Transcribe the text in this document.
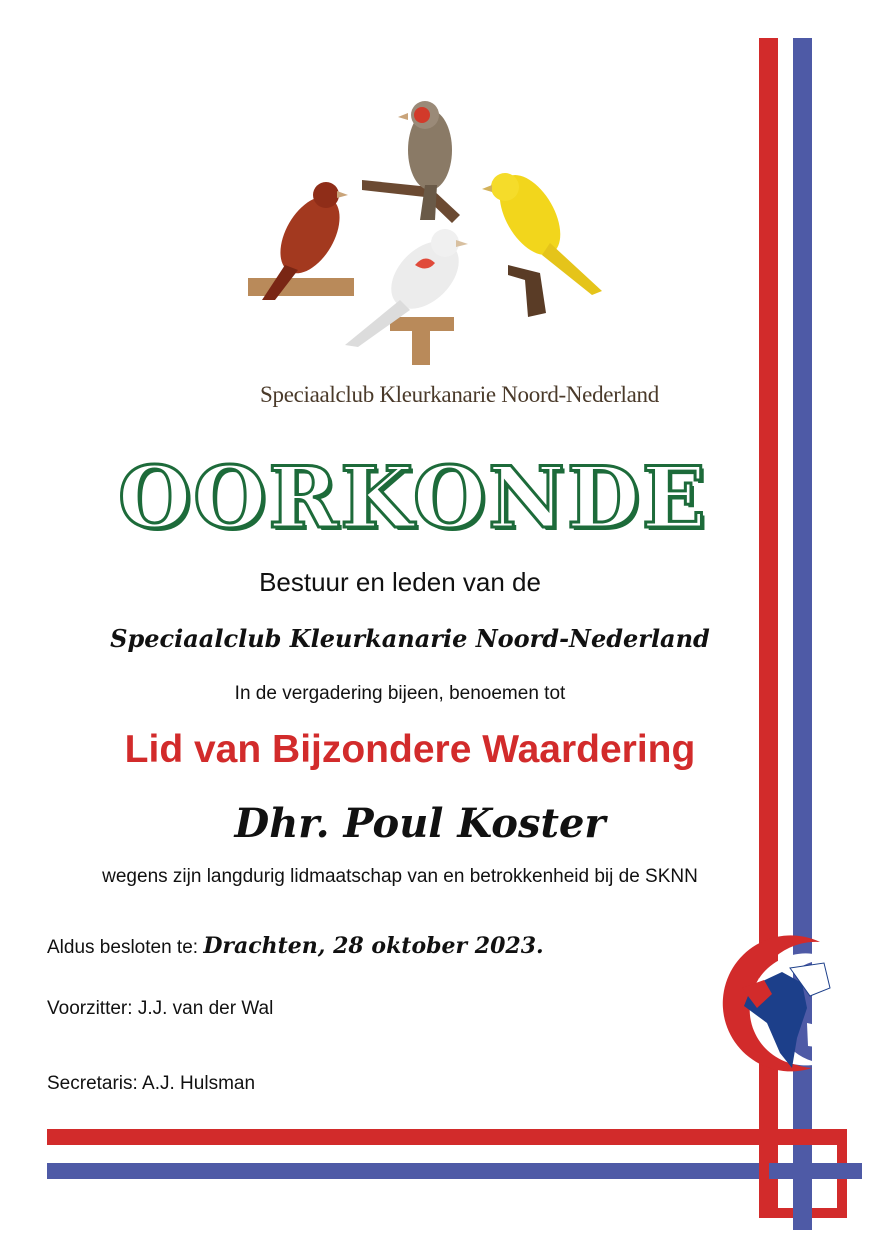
Speciaalclub Kleurkanarie Noord-Nederland
OORKONDE
Bestuur en leden van de
Speciaalclub Kleurkanarie Noord-Nederland
In de vergadering bijeen, benoemen tot
Lid van Bijzondere Waardering
Dhr. Poul Koster
wegens zijn langdurig lidmaatschap van en betrokkenheid bij de SKNN
Aldus besloten te: Drachten, 28 oktober 2023.
Voorzitter: J.J. van der Wal
Secretaris: A.J. Hulsman
